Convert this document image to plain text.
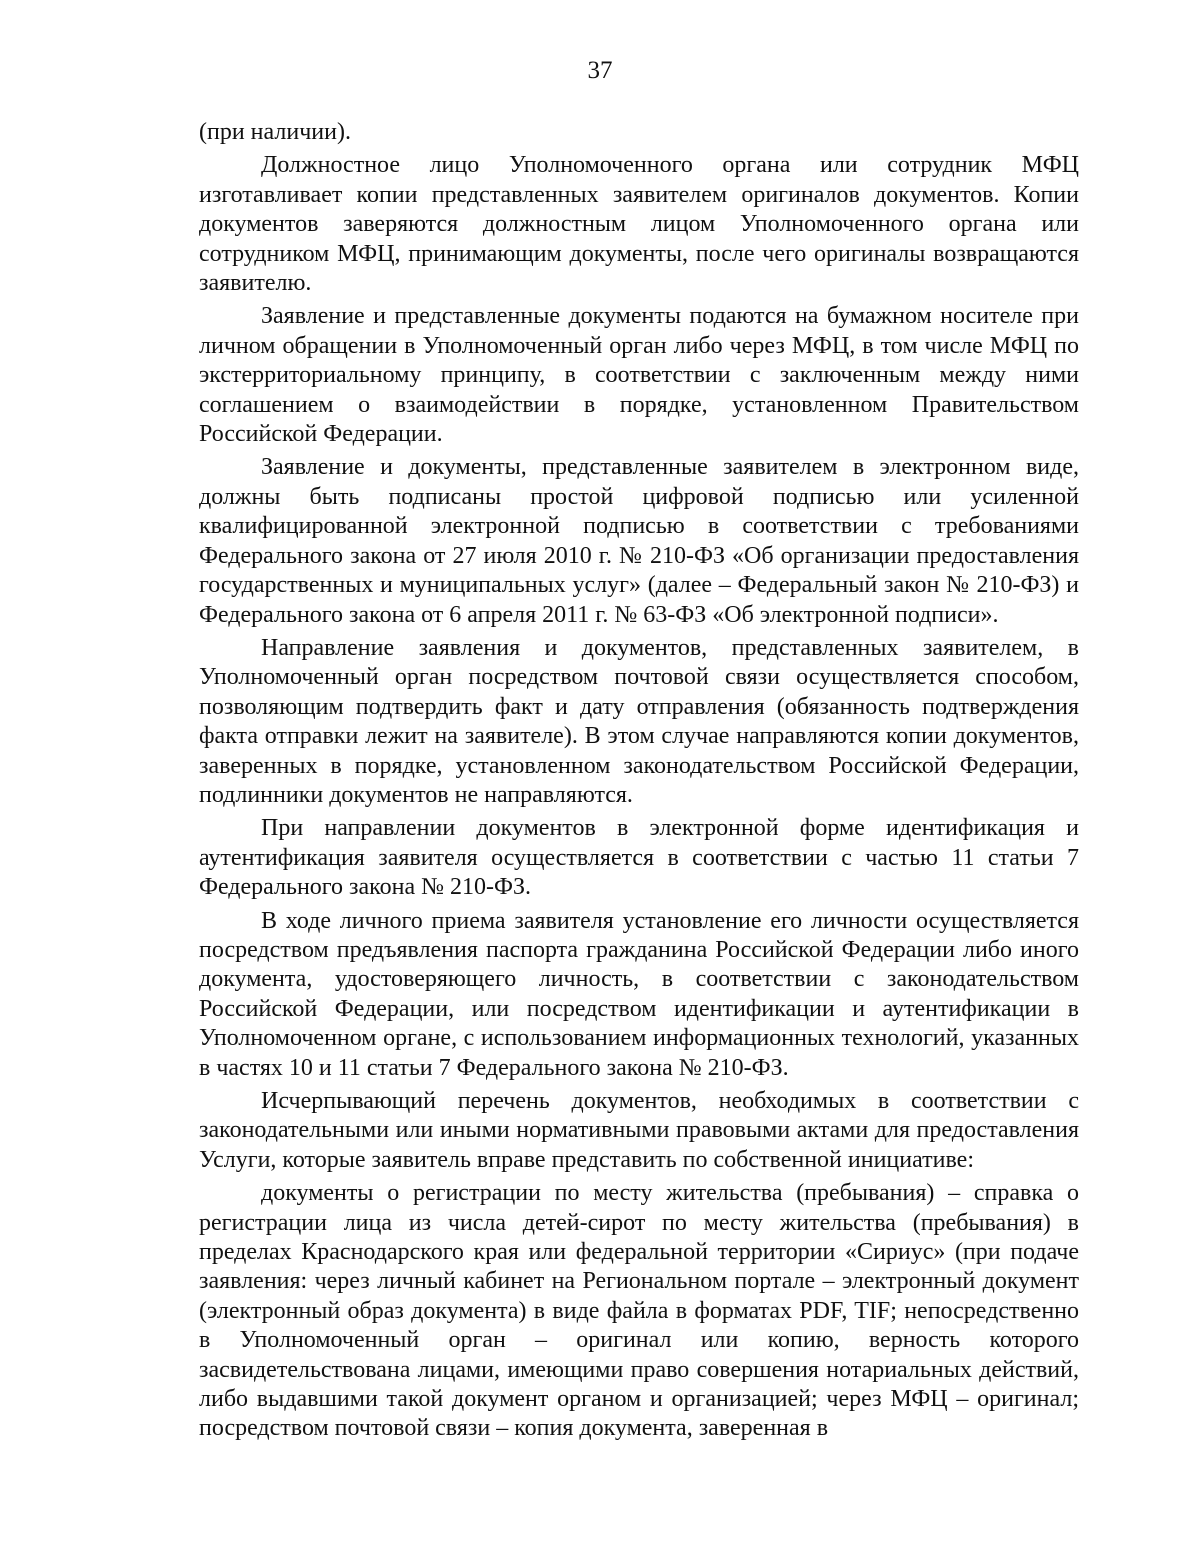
37

(при наличии).

Должностное лицо Уполномоченного органа или сотрудник МФЦ изготавливает копии представленных заявителем оригиналов документов. Копии документов заверяются должностным лицом Уполномоченного органа или сотрудником МФЦ, принимающим документы, после чего оригиналы возвращаются заявителю.

Заявление и представленные документы подаются на бумажном носителе при личном обращении в Уполномоченный орган либо через МФЦ, в том числе МФЦ по экстерриториальному принципу, в соответствии с заключенным между ними соглашением о взаимодействии в порядке, установленном Правительством Российской Федерации.

Заявление и документы, представленные заявителем в электронном виде, должны быть подписаны простой цифровой подписью или усиленной квалифицированной электронной подписью в соответствии с требованиями Федерального закона от 27 июля 2010 г. № 210-ФЗ «Об организации предоставления государственных и муниципальных услуг» (далее – Федеральный закон № 210-ФЗ) и Федерального закона от 6 апреля 2011 г. № 63-ФЗ «Об электронной подписи».

Направление заявления и документов, представленных заявителем, в Уполномоченный орган посредством почтовой связи осуществляется способом, позволяющим подтвердить факт и дату отправления (обязанность подтверждения факта отправки лежит на заявителе). В этом случае направляются копии документов, заверенных в порядке, установленном законодательством Российской Федерации, подлинники документов не направляются.

При направлении документов в электронной форме идентификация и аутентификация заявителя осуществляется в соответствии с частью 11 статьи 7 Федерального закона № 210-ФЗ.

В ходе личного приема заявителя установление его личности осуществляется посредством предъявления паспорта гражданина Российской Федерации либо иного документа, удостоверяющего личность, в соответствии с законодательством Российской Федерации, или посредством идентификации и аутентификации в Уполномоченном органе, с использованием информационных технологий, указанных в частях 10 и 11 статьи 7 Федерального закона № 210-ФЗ.

Исчерпывающий перечень документов, необходимых в соответствии с законодательными или иными нормативными правовыми актами для предоставления Услуги, которые заявитель вправе представить по собственной инициативе:

документы о регистрации по месту жительства (пребывания) – справка о регистрации лица из числа детей-сирот по месту жительства (пребывания) в пределах Краснодарского края или федеральной территории «Сириус» (при подаче заявления: через личный кабинет на Региональном портале – электронный документ (электронный образ документа) в виде файла в форматах PDF, TIF; непосредственно в Уполномоченный орган – оригинал или копию, верность которого засвидетельствована лицами, имеющими право совершения нотариальных действий, либо выдавшими такой документ органом и организацией; через МФЦ – оригинал; посредством почтовой связи – копия документа, заверенная в
